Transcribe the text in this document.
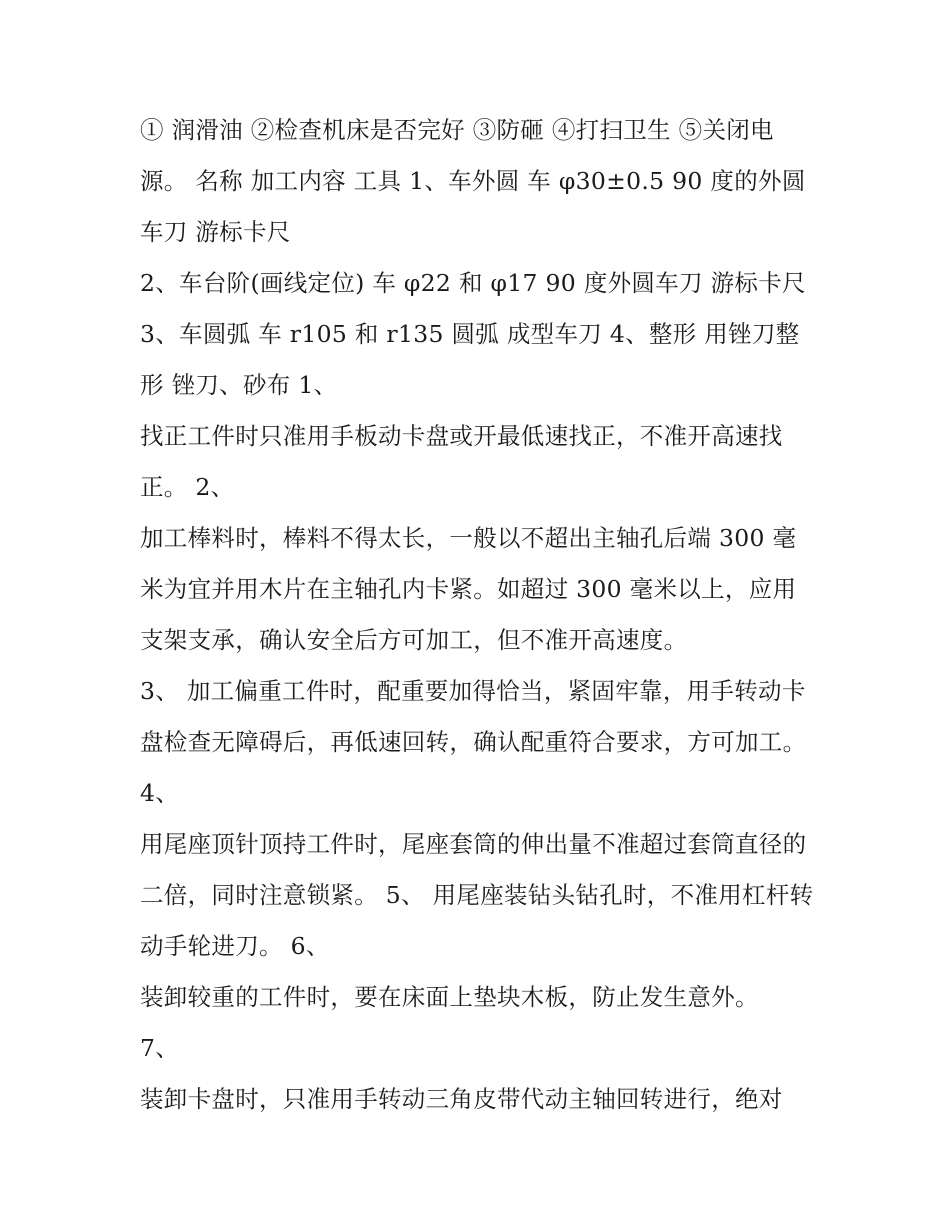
① 润滑油 ②检查机床是否完好 ③防砸 ④打扫卫生 ⑤关闭电源。 名称 加工内容 工具 1、车外圆 车 φ30±0.5 90 度的外圆车刀 游标卡尺

2、车台阶(画线定位) 车 φ22 和 φ17 90 度外圆车刀 游标卡尺

3、车圆弧 车 r105 和 r135 圆弧 成型车刀 4、整形 用锉刀整形 锉刀、砂布 1、

找正工件时只准用手板动卡盘或开最低速找正，不准开高速找正。 2、

加工棒料时，棒料不得太长，一般以不超出主轴孔后端 300 毫米为宜并用木片在主轴孔内卡紧。如超过 300 毫米以上，应用支架支承，确认安全后方可加工，但不准开高速度。

3、 加工偏重工件时，配重要加得恰当，紧固牢靠，用手转动卡盘检查无障碍后，再低速回转，确认配重符合要求，方可加工。 4、

用尾座顶针顶持工件时，尾座套筒的伸出量不准超过套筒直径的二倍，同时注意锁紧。 5、 用尾座装钻头钻孔时，不准用杠杆转动手轮进刀。 6、

装卸较重的工件时，要在床面上垫块木板，防止发生意外。

7、

装卸卡盘时，只准用手转动三角皮带代动主轴回转进行，绝对
